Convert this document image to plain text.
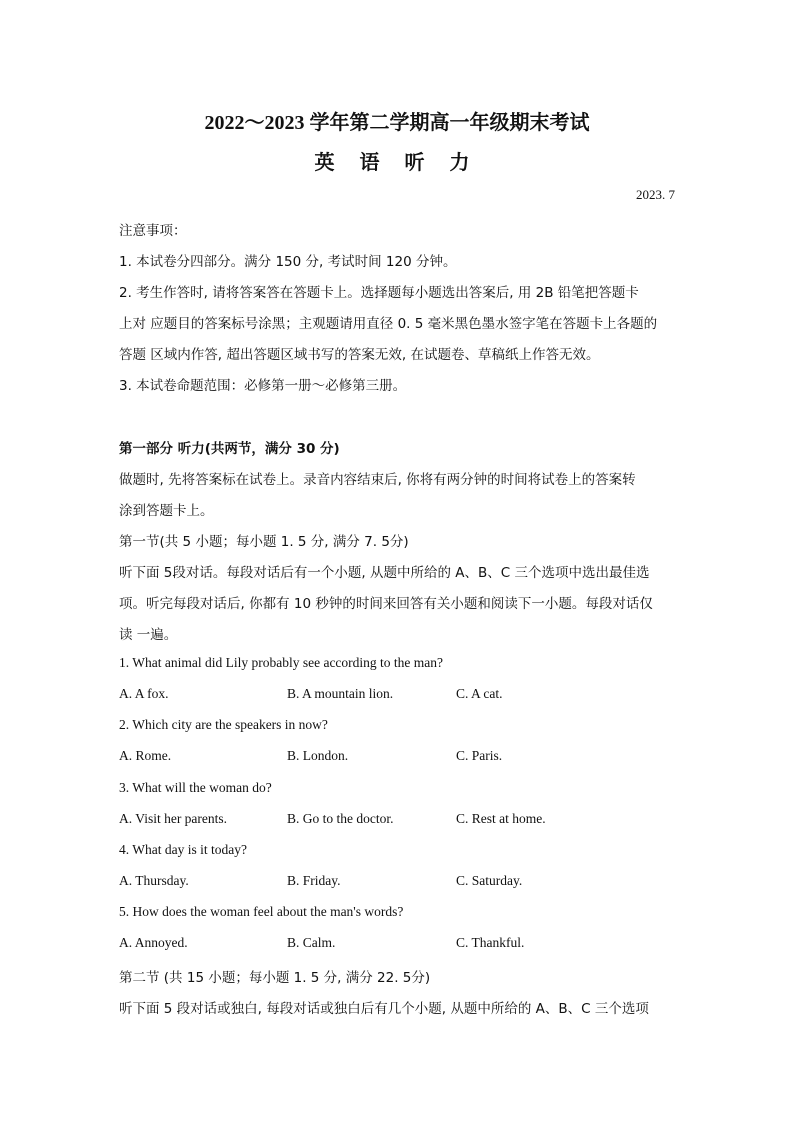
2022～2023 学年第二学期高一年级期末考试
英 语 听 力
2023. 7
注意事项：
1. 本试卷分四部分。满分 150 分, 考试时间 120 分钟。
2. 考生作答时, 请将答案答在答题卡上。选择题每小题选出答案后, 用 2B 铅笔把答题卡
上对 应题目的答案标号涂黑；主观题请用直径 0. 5 毫米黑色墨水签字笔在答题卡上各题的
答题 区域内作答, 超出答题区域书写的答案无效, 在试题卷、草稿纸上作答无效。
3. 本试卷命题范围：必修第一册～必修第三册。
第一部分 听力(共两节，满分 30 分)
做题时, 先将答案标在试卷上。录音内容结束后, 你将有两分钟的时间将试卷上的答案转
涂到答题卡上。
第一节(共 5 小题；每小题 1. 5 分, 满分 7. 5分)
听下面 5段对话。每段对话后有一个小题, 从题中所给的 A、B、C 三个选项中选出最佳选
项。听完每段对话后, 你都有 10 秒钟的时间来回答有关小题和阅读下一小题。每段对话仅
读 一遍。
1. What animal did Lily probably see according to the man?
A. A fox.	B. A mountain lion.	C. A cat.
2. Which city are the speakers in now?
A. Rome.	B. London.	C. Paris.
3. What will the woman do?
A. Visit her parents.	B. Go to the doctor.	C. Rest at home.
4. What day is it today?
A. Thursday.	B. Friday.	C. Saturday.
5. How does the woman feel about the man's words?
A. Annoyed.	B. Calm.	C. Thankful.
第二节 (共 15 小题；每小题 1. 5 分, 满分 22. 5分)
听下面 5 段对话或独白, 每段对话或独白后有几个小题, 从题中所给的 A、B、C 三个选项
